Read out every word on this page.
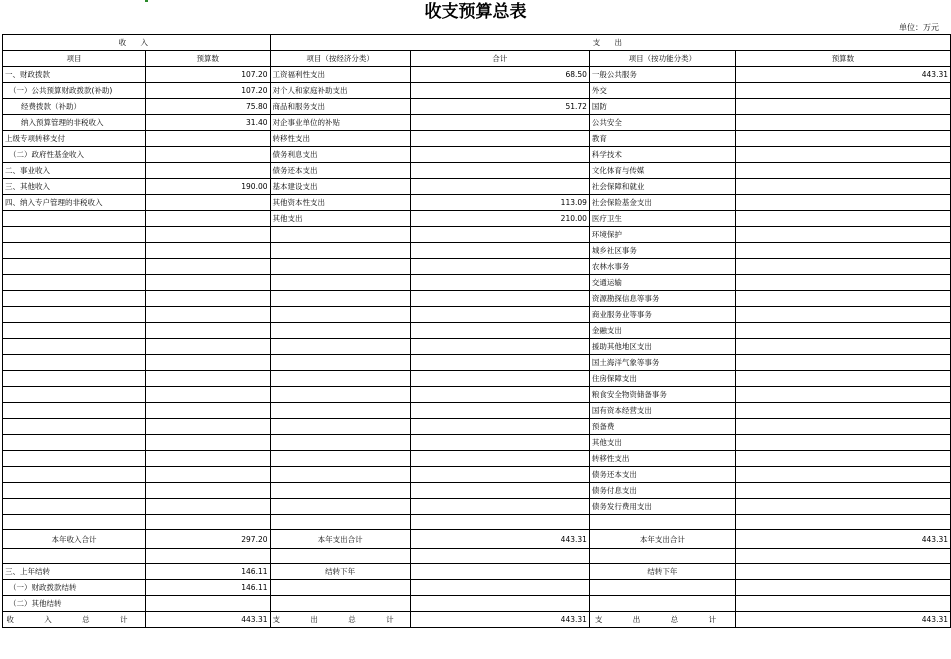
收支预算总表
单位：万元
收 入		支 出			
项目	预算数	项目（按经济分类）	合计	项目（按功能分类）	预算数
一、财政拨款	107.20	工资福利性支出	68.50	一般公共服务	443.31
（一）公共预算财政拨款(补助)	107.20	对个人和家庭补助支出		外交	
经费拨款（补助）	75.80	商品和服务支出	51.72	国防	
纳入预算管理的非税收入	31.40	对企事业单位的补贴		公共安全	
上级专项转移支付		转移性支出		教育	
（二）政府性基金收入		债务利息支出		科学技术	
二、事业收入		债务还本支出		文化体育与传媒	
三、其他收入	190.00	基本建设支出		社会保障和就业	
四、纳入专户管理的非税收入		其他资本性支出	113.09	社会保险基金支出	
		其他支出	210.00	医疗卫生	
				环境保护	
				城乡社区事务	
				农林水事务	
				交通运输	
				资源勘探信息等事务	
				商业服务业等事务	
				金融支出	
				援助其他地区支出	
				国土海洋气象等事务	
				住房保障支出	
				粮食安全物资储备事务	
				国有资本经营支出	
				预备费	
				其他支出	
				转移性支出	
				债务还本支出	
				债务付息支出	
				债务发行费用支出	

本年收入合计	297.20	本年支出合计	443.31	本年支出合计	443.31

三、上年结转	146.11	结转下年		结转下年	
（一）财政拨款结转	146.11				
（二）其他结转					
收 入 总 计	443.31	支 出 总 计	443.31	支 出 总 计	443.31
